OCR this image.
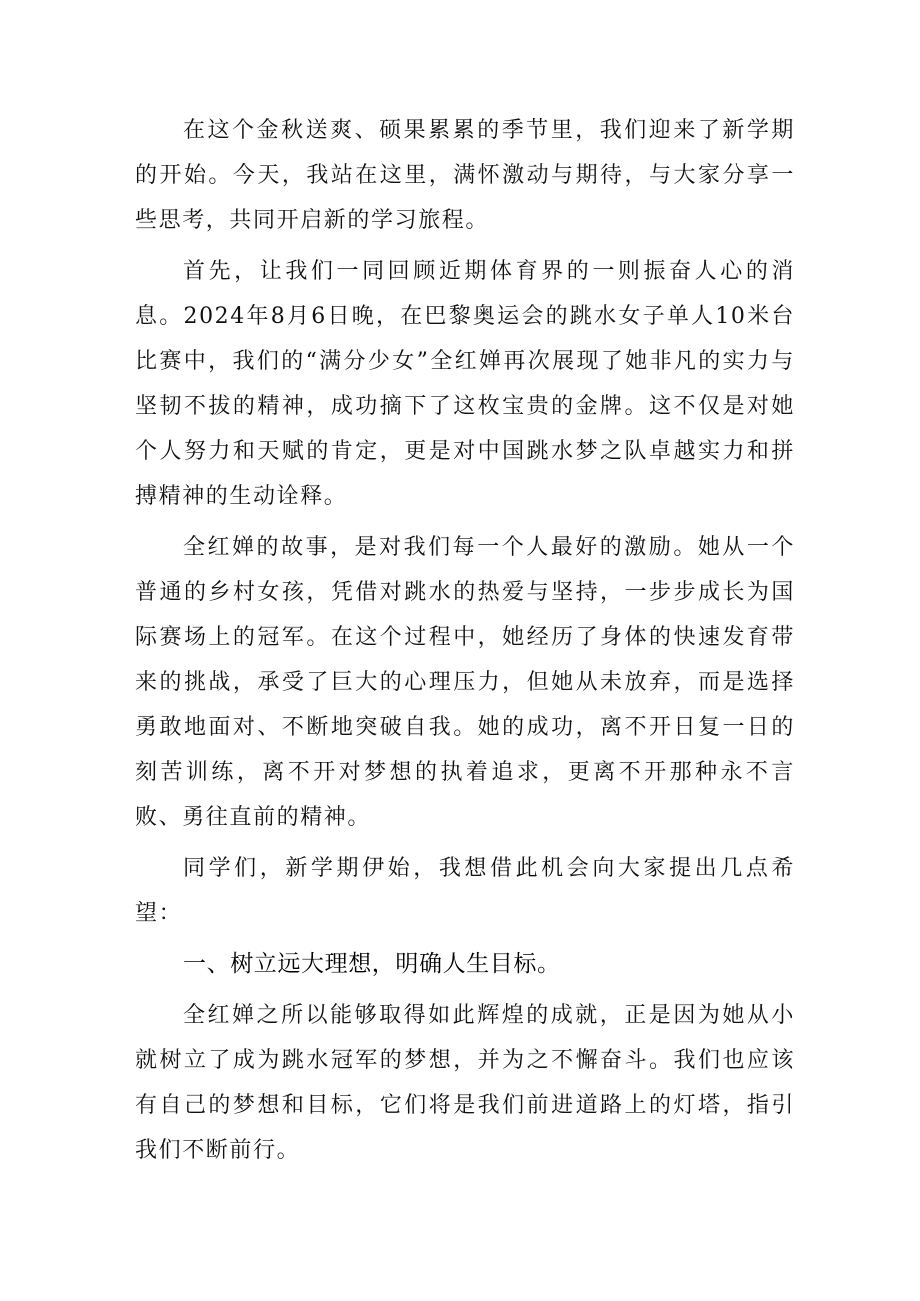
在这个金秋送爽、硕果累累的季节里，我们迎来了新学期的开始。今天，我站在这里，满怀激动与期待，与大家分享一些思考，共同开启新的学习旅程。

首先，让我们一同回顾近期体育界的一则振奋人心的消息。2024年8月6日晚，在巴黎奥运会的跳水女子单人10米台比赛中，我们的“满分少女”全红婵再次展现了她非凡的实力与坚韧不拔的精神，成功摘下了这枚宝贵的金牌。这不仅是对她个人努力和天赋的肯定，更是对中国跳水梦之队卓越实力和拼搏精神的生动诠释。

全红婵的故事，是对我们每一个人最好的激励。她从一个普通的乡村女孩，凭借对跳水的热爱与坚持，一步步成长为国际赛场上的冠军。在这个过程中，她经历了身体的快速发育带来的挑战，承受了巨大的心理压力，但她从未放弃，而是选择勇敢地面对、不断地突破自我。她的成功，离不开日复一日的刻苦训练，离不开对梦想的执着追求，更离不开那种永不言败、勇往直前的精神。

同学们，新学期伊始，我想借此机会向大家提出几点希望：

一、树立远大理想，明确人生目标。

全红婵之所以能够取得如此辉煌的成就，正是因为她从小就树立了成为跳水冠军的梦想，并为之不懈奋斗。我们也应该有自己的梦想和目标，它们将是我们前进道路上的灯塔，指引我们不断前行。
